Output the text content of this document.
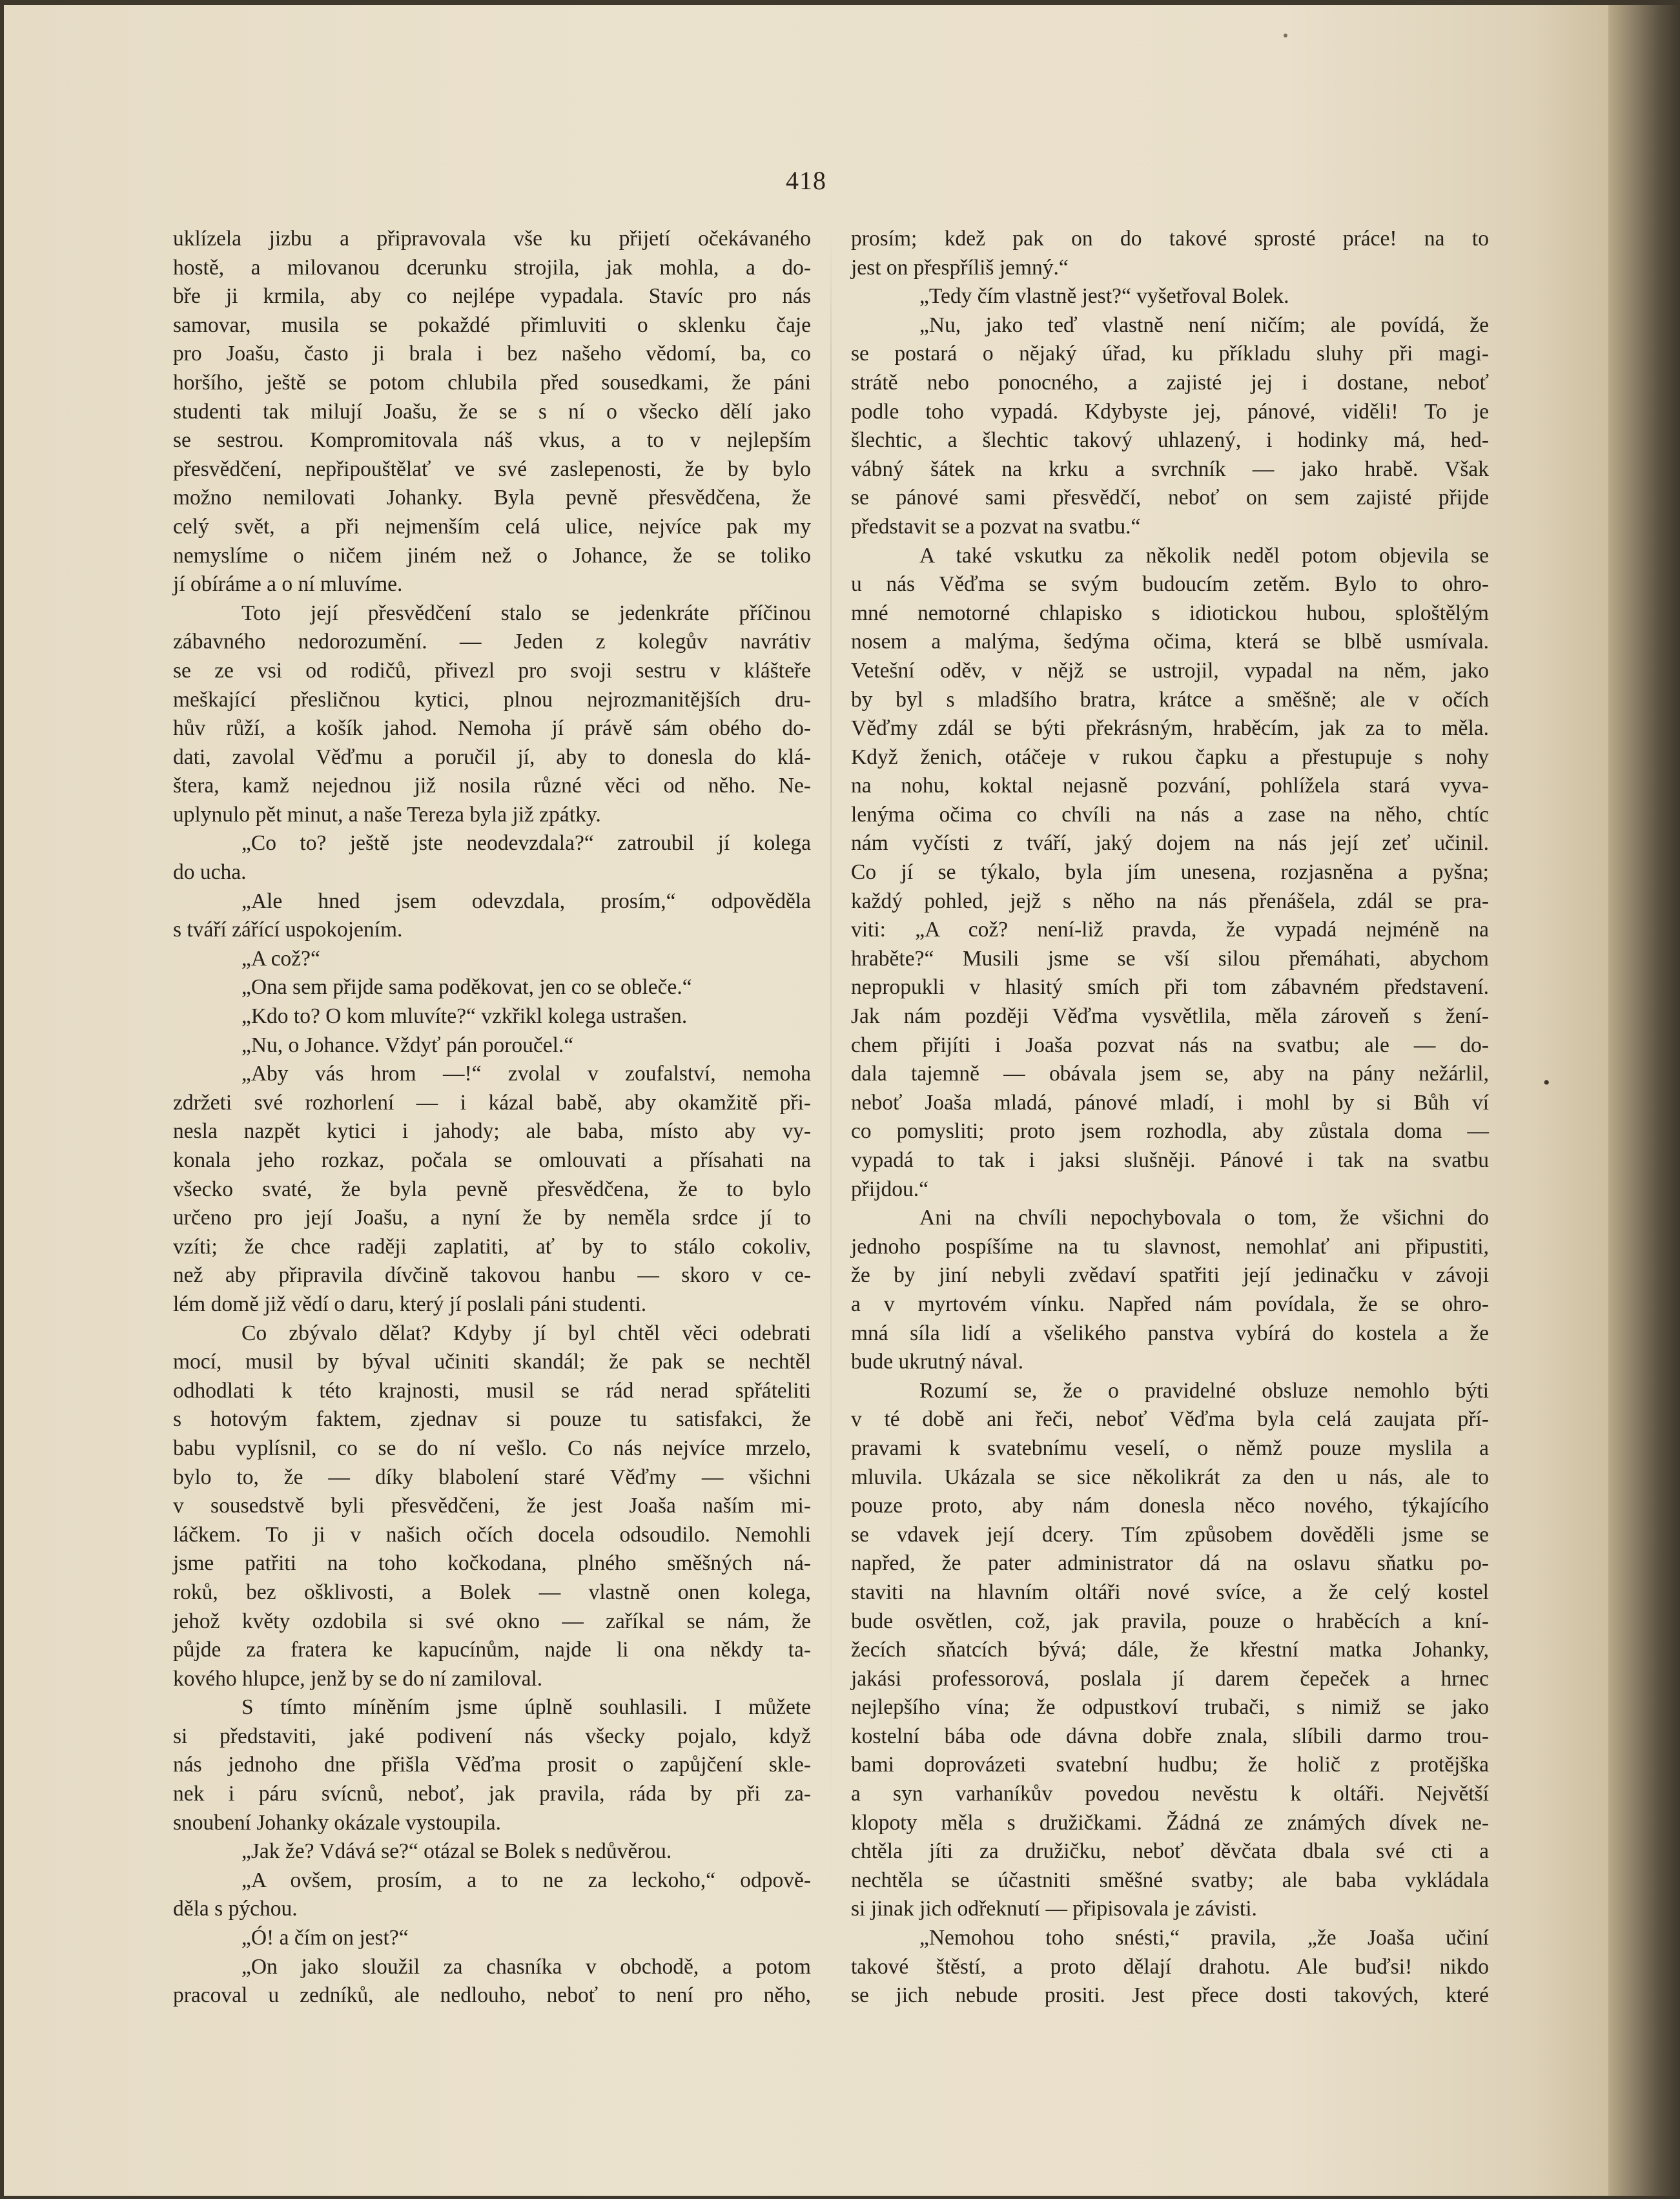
418

uklízela jizbu a připravovala vše ku přijetí očekávaného

hostě, a milovanou dcerunku strojila, jak mohla, a do-

bře ji krmila, aby co nejlépe vypadala. Stavíc pro nás

samovar, musila se pokaždé přimluviti o sklenku čaje

pro Joašu, často ji brala i bez našeho vědomí, ba, co

horšího, ještě se potom chlubila před sousedkami, že páni

studenti tak milují Joašu, že se s ní o všecko dělí jako

se sestrou. Kompromitovala náš vkus, a to v nejlepším

přesvědčení, nepřipouštělať ve své zaslepenosti, že by bylo

možno nemilovati Johanky. Byla pevně přesvědčena, že

celý svět, a při nejmenším celá ulice, nejvíce pak my

nemyslíme o ničem jiném než o Johance, že se toliko

jí obíráme a o ní mluvíme.

Toto její přesvědčení stalo se jedenkráte příčinou

zábavného nedorozumění. — Jeden z kolegův navrátiv

se ze vsi od rodičů, přivezl pro svoji sestru v klášteře

meškající přesličnou kytici, plnou nejrozmanitějších dru-

hův růží, a košík jahod. Nemoha jí právě sám obého do-

dati, zavolal Věďmu a poručil jí, aby to donesla do klá-

štera, kamž nejednou již nosila různé věci od něho. Ne-

uplynulo pět minut, a naše Tereza byla již zpátky.

„Co to? ještě jste neodevzdala?“ zatroubil jí kolega

do ucha.

„Ale hned jsem odevzdala, prosím,“ odpověděla

s tváří zářící uspokojením.

„A což?“

„Ona sem přijde sama poděkovat, jen co se obleče.“

„Kdo to? O kom mluvíte?“ vzkřikl kolega ustrašen.

„Nu, o Johance. Vždyť pán poroučel.“

„Aby vás hrom —!“ zvolal v zoufalství, nemoha

zdržeti své rozhorlení — i kázal babě, aby okamžitě při-

nesla nazpět kytici i jahody; ale baba, místo aby vy-

konala jeho rozkaz, počala se omlouvati a přísahati na

všecko svaté, že byla pevně přesvědčena, že to bylo

určeno pro její Joašu, a nyní že by neměla srdce jí to

vzíti; že chce raději zaplatiti, ať by to stálo cokoliv,

než aby připravila dívčině takovou hanbu — skoro v ce-

lém domě již vědí o daru, který jí poslali páni studenti.

Co zbývalo dělat? Kdyby jí byl chtěl věci odebrati

mocí, musil by býval učiniti skandál; že pak se nechtěl

odhodlati k této krajnosti, musil se rád nerad spřáteliti

s hotovým faktem, zjednav si pouze tu satisfakci, že

babu vyplísnil, co se do ní vešlo. Co nás nejvíce mrzelo,

bylo to, že — díky blabolení staré Věďmy — všichni

v sousedstvě byli přesvědčeni, že jest Joaša naším mi-

láčkem. To ji v našich očích docela odsoudilo. Nemohli

jsme patřiti na toho kočkodana, plného směšných ná-

roků, bez ošklivosti, a Bolek — vlastně onen kolega,

jehož květy ozdobila si své okno — zaříkal se nám, že

půjde za fratera ke kapucínům, najde li ona někdy ta-

kového hlupce, jenž by se do ní zamiloval.

S tímto míněním jsme úplně souhlasili. I můžete

si představiti, jaké podivení nás všecky pojalo, když

nás jednoho dne přišla Věďma prosit o zapůjčení skle-

nek i páru svícnů, neboť, jak pravila, ráda by při za-

snoubení Johanky okázale vystoupila.

„Jak že? Vdává se?“ otázal se Bolek s nedůvěrou.

„A ovšem, prosím, a to ne za leckoho,“ odpově-

děla s pýchou.

„Ó! a čím on jest?“

„On jako sloužil za chasníka v obchodě, a potom

pracoval u zedníků, ale nedlouho, neboť to není pro něho,

prosím; kdež pak on do takové sprosté práce! na to

jest on přespříliš jemný.“

„Tedy čím vlastně jest?“ vyšetřoval Bolek.

„Nu, jako teď vlastně není ničím; ale povídá, že

se postará o nějaký úřad, ku příkladu sluhy při magi-

strátě nebo ponocného, a zajisté jej i dostane, neboť

podle toho vypadá. Kdybyste jej, pánové, viděli! To je

šlechtic, a šlechtic takový uhlazený, i hodinky má, hed-

vábný šátek na krku a svrchník — jako hrabě. Však

se pánové sami přesvědčí, neboť on sem zajisté přijde

představit se a pozvat na svatbu.“

A také vskutku za několik neděl potom objevila se

u nás Věďma se svým budoucím zetěm. Bylo to ohro-

mné nemotorné chlapisko s idiotickou hubou, sploštělým

nosem a malýma, šedýma očima, která se blbě usmívala.

Vetešní oděv, v nějž se ustrojil, vypadal na něm, jako

by byl s mladšího bratra, krátce a směšně; ale v očích

Věďmy zdál se býti překrásným, hraběcím, jak za to měla.

Když ženich, otáčeje v rukou čapku a přestupuje s nohy

na nohu, koktal nejasně pozvání, pohlížela stará vyva-

lenýma očima co chvíli na nás a zase na něho, chtíc

nám vyčísti z tváří, jaký dojem na nás její zeť učinil.

Co jí se týkalo, byla jím unesena, rozjasněna a pyšna;

každý pohled, jejž s něho na nás přenášela, zdál se pra-

viti: „A což? není-liž pravda, že vypadá nejméně na

hraběte?“ Musili jsme se vší silou přemáhati, abychom

nepropukli v hlasitý smích při tom zábavném představení.

Jak nám později Věďma vysvětlila, měla zároveň s žení-

chem přijíti i Joaša pozvat nás na svatbu; ale — do-

dala tajemně — obávala jsem se, aby na pány nežárlil,

neboť Joaša mladá, pánové mladí, i mohl by si Bůh ví

co pomysliti; proto jsem rozhodla, aby zůstala doma —

vypadá to tak i jaksi slušněji. Pánové i tak na svatbu

přijdou.“

Ani na chvíli nepochybovala o tom, že všichni do

jednoho pospíšíme na tu slavnost, nemohlať ani připustiti,

že by jiní nebyli zvědaví spatřiti její jedinačku v závoji

a v myrtovém vínku. Napřed nám povídala, že se ohro-

mná síla lidí a všelikého panstva vybírá do kostela a že

bude ukrutný nával.

Rozumí se, že o pravidelné obsluze nemohlo býti

v té době ani řeči, neboť Věďma byla celá zaujata pří-

pravami k svatebnímu veselí, o němž pouze myslila a

mluvila. Ukázala se sice několikrát za den u nás, ale to

pouze proto, aby nám donesla něco nového, týkajícího

se vdavek její dcery. Tím způsobem dověděli jsme se

napřed, že pater administrator dá na oslavu sňatku po-

staviti na hlavním oltáři nové svíce, a že celý kostel

bude osvětlen, což, jak pravila, pouze o hraběcích a kní-

žecích sňatcích bývá; dále, že křestní matka Johanky,

jakási professorová, poslala jí darem čepeček a hrnec

nejlepšího vína; že odpustkoví trubači, s nimiž se jako

kostelní bába ode dávna dobře znala, slíbili darmo trou-

bami doprovázeti svatební hudbu; že holič z protějška

a syn varhaníkův povedou nevěstu k oltáři. Největší

klopoty měla s družičkami. Žádná ze známých dívek ne-

chtěla jíti za družičku, neboť děvčata dbala své cti a

nechtěla se účastniti směšné svatby; ale baba vykládala

si jinak jich odřeknutí — připisovala je závisti.

„Nemohou toho snésti,“ pravila, „že Joaša učiní

takové štěstí, a proto dělají drahotu. Ale buďsi! nikdo

se jich nebude prositi. Jest přece dosti takových, které

•
